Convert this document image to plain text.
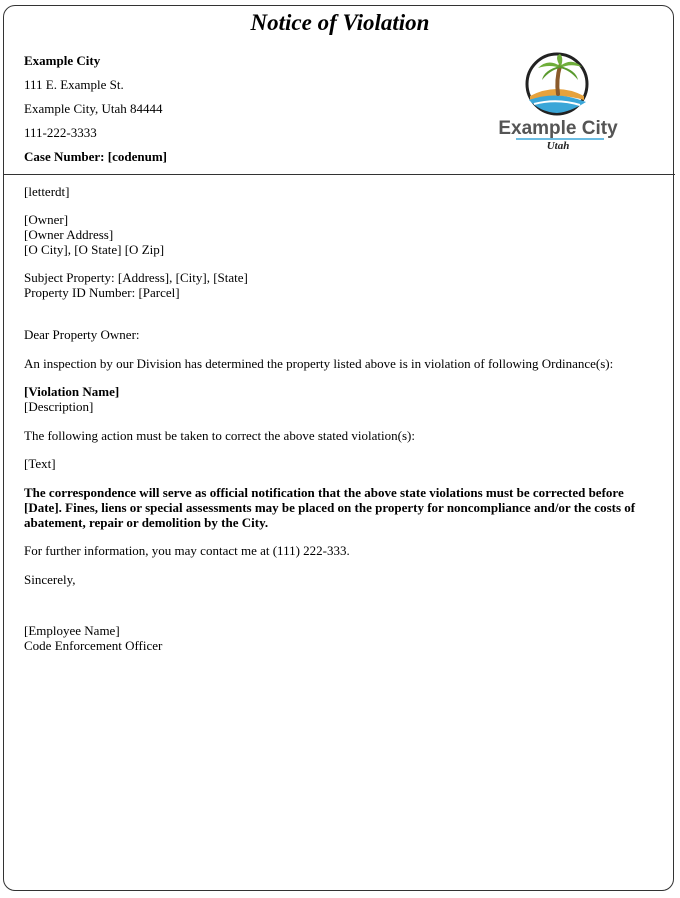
Notice of Violation
Example City
111 E. Example St.
Example City, Utah 84444
111-222-3333
Case Number: [codenum]
Example City
Utah
[letterdt]
[Owner]
[Owner Address]
[O City], [O State] [O Zip]
Subject Property: [Address], [City], [State]
Property ID Number: [Parcel]
Dear Property Owner:
An inspection by our Division has determined the property listed above is in violation of following Ordinance(s):
[Violation Name]
[Description]
The following action must be taken to correct the above stated violation(s):
[Text]
The correspondence will serve as official notification that the above state violations must be corrected before [Date]. Fines, liens or special assessments may be placed on the property for noncompliance and/or the costs of abatement, repair or demolition by the City.
For further information, you may contact me at (111) 222-333.
Sincerely,
[Employee Name]
Code Enforcement Officer
